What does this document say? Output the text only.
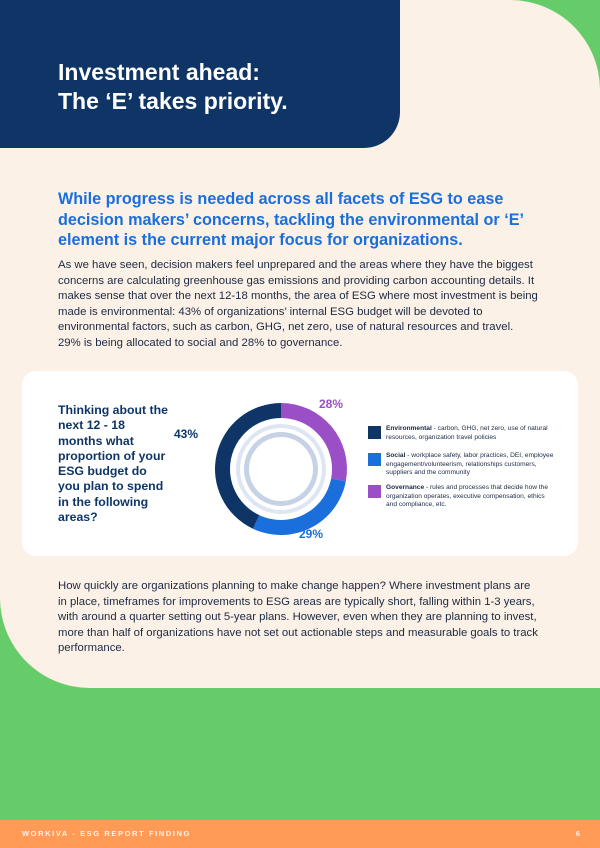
Investment ahead:
The ‘E’ takes priority.
While progress is needed across all facets of ESG to ease decision makers’ concerns, tackling the environmental or ‘E’ element is the current major focus for organizations.
As we have seen, decision makers feel unprepared and the areas where they have the biggest concerns are calculating greenhouse gas emissions and providing carbon accounting details. It makes sense that over the next 12-18 months, the area of ESG where most investment is being made is environmental: 43% of organizations’ internal ESG budget will be devoted to environmental factors, such as carbon, GHG, net zero, use of natural resources and travel. 29% is being allocated to social and 28% to governance.
Thinking about the next 12 - 18 months what proportion of your ESG budget do you plan to spend in the following areas?
43%
28%
29%
Environmental - carbon, GHG, net zero, use of natural resources, organization travel policies
Social - workplace safety, labor practices, DEI, employee engagement/volunteerism, relationships customers, suppliers and the community
Governance - rules and processes that decide how the organization operates, executive compensation, ethics and compliance, etc.
How quickly are organizations planning to make change happen? Where investment plans are in place, timeframes for improvements to ESG areas are typically short, falling within 1-3 years, with around a quarter setting out 5-year plans. However, even when they are planning to invest, more than half of organizations have not set out actionable steps and measurable goals to track performance.
WORKIVA - ESG REPORT FINDING	6
